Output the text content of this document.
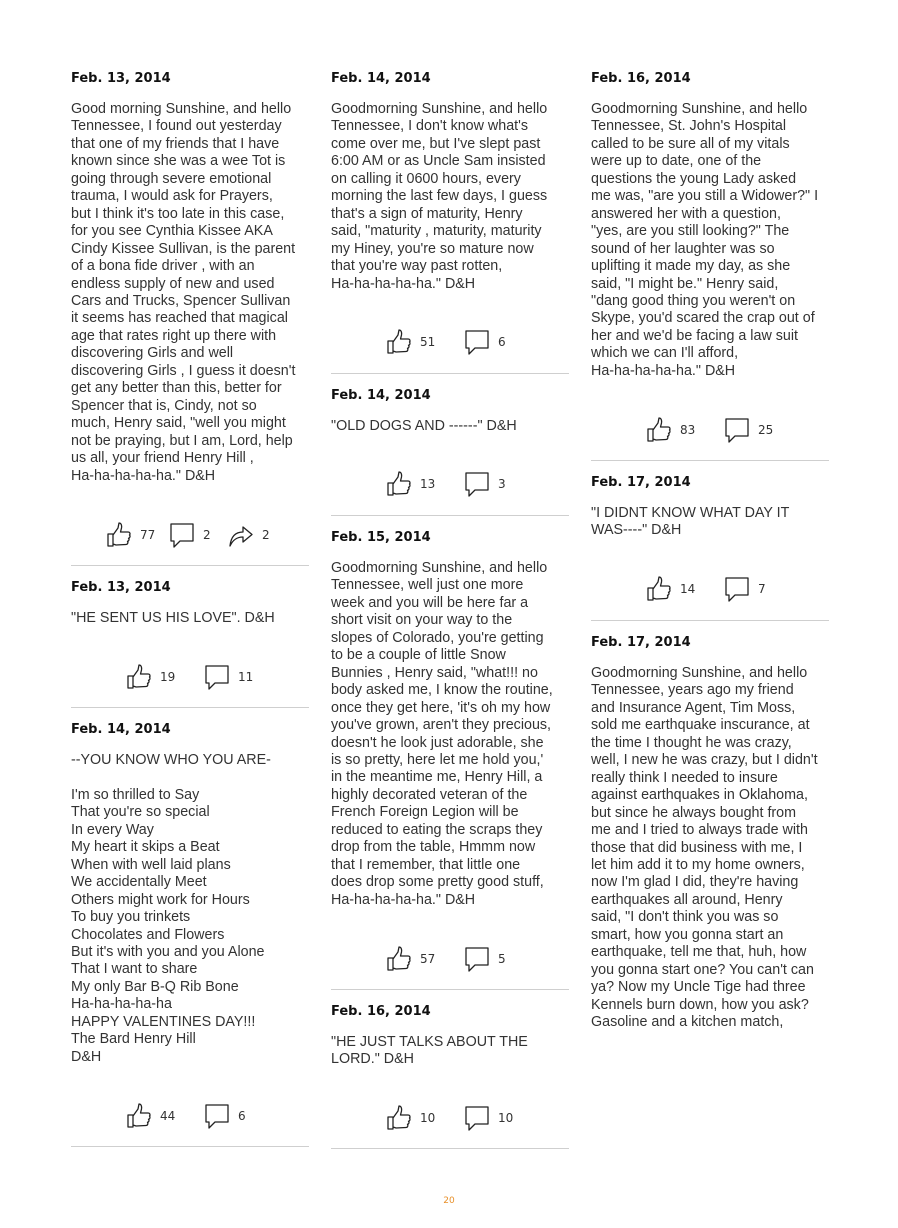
Feb. 13, 2014
Good morning Sunshine, and hello
Tennessee, I found out yesterday
that one of my friends that I have
known since she was a wee Tot is
going through severe emotional
trauma, I would ask for Prayers,
but I think it's too late in this case,
for you see Cynthia Kissee AKA
Cindy Kissee Sullivan, is the parent
of a bona fide driver , with an
endless supply of new and used
Cars and Trucks, Spencer Sullivan
it seems has reached that magical
age that rates right up there with
discovering Girls and well
discovering Girls , I guess it doesn't
get any better than this, better for
Spencer that is, Cindy, not so
much, Henry said, "well you might
not be praying, but I am, Lord, help
us all, your friend Henry Hill ,
Ha-ha-ha-ha-ha." D&H
77	2	2
Feb. 13, 2014
"HE SENT US HIS LOVE". D&H
19	11
Feb. 14, 2014
--YOU KNOW WHO YOU ARE-

I'm so thrilled to Say
That you're so special
In every Way
My heart it skips a Beat
When with well laid plans
We accidentally Meet
Others might work for Hours
To buy you trinkets
Chocolates and Flowers
But it's with you and you Alone
That I want to share
My only Bar B-Q Rib Bone
Ha-ha-ha-ha-ha
HAPPY VALENTINES DAY!!!
The Bard Henry Hill
D&H
44	6
Feb. 14, 2014
Goodmorning Sunshine, and hello
Tennessee, I don't know what's
come over me, but I've slept past
6:00 AM or as Uncle Sam insisted
on calling it 0600 hours, every
morning the last few days, I guess
that's a sign of maturity, Henry
said, "maturity , maturity, maturity
my Hiney, you're so mature now
that you're way past rotten,
Ha-ha-ha-ha-ha." D&H
51	6
Feb. 14, 2014
"OLD DOGS AND ------" D&H
13	3
Feb. 15, 2014
Goodmorning Sunshine, and hello
Tennessee, well just one more
week and you will be here far a
short visit on your way to the
slopes of Colorado, you're getting
to be a couple of little Snow
Bunnies , Henry said, "what!!! no
body asked me, I know the routine,
once they get here, 'it's oh my how
you've grown, aren't they precious,
doesn't he look just adorable, she
is so pretty, here let me hold you,'
in the meantime me, Henry Hill, a
highly decorated veteran of the
French Foreign Legion will be
reduced to eating the scraps they
drop from the table, Hmmm now
that I remember, that little one
does drop some pretty good stuff,
Ha-ha-ha-ha-ha." D&H
57	5
Feb. 16, 2014
"HE JUST TALKS ABOUT THE
LORD." D&H
10	10
Feb. 16, 2014
Goodmorning Sunshine, and hello
Tennessee, St. John's Hospital
called to be sure all of my vitals
were up to date, one of the
questions the young Lady asked
me was, "are you still a Widower?" I
answered her with a question,
"yes, are you still looking?" The
sound of her laughter was so
uplifting it made my day, as she
said, "I might be." Henry said,
"dang good thing you weren't on
Skype, you'd scared the crap out of
her and we'd be facing a law suit
which we can I'll afford,
Ha-ha-ha-ha-ha." D&H
83	25
Feb. 17, 2014
"I DIDNT KNOW WHAT DAY IT
WAS----" D&H
14	7
Feb. 17, 2014
Goodmorning Sunshine, and hello
Tennessee, years ago my friend
and Insurance Agent, Tim Moss,
sold me earthquake inscurance, at
the time I thought he was crazy,
well, I new he was crazy, but I didn't
really think I needed to insure
against earthquakes in Oklahoma,
but since he always bought from
me and I tried to always trade with
those that did business with me, I
let him add it to my home owners,
now I'm glad I did, they're having
earthquakes all around, Henry
said, "I don't think you was so
smart, how you gonna start an
earthquake, tell me that, huh, how
you gonna start one? You can't can
ya? Now my Uncle Tige had three
Kennels burn down, how you ask?
Gasoline and a kitchen match,
20
